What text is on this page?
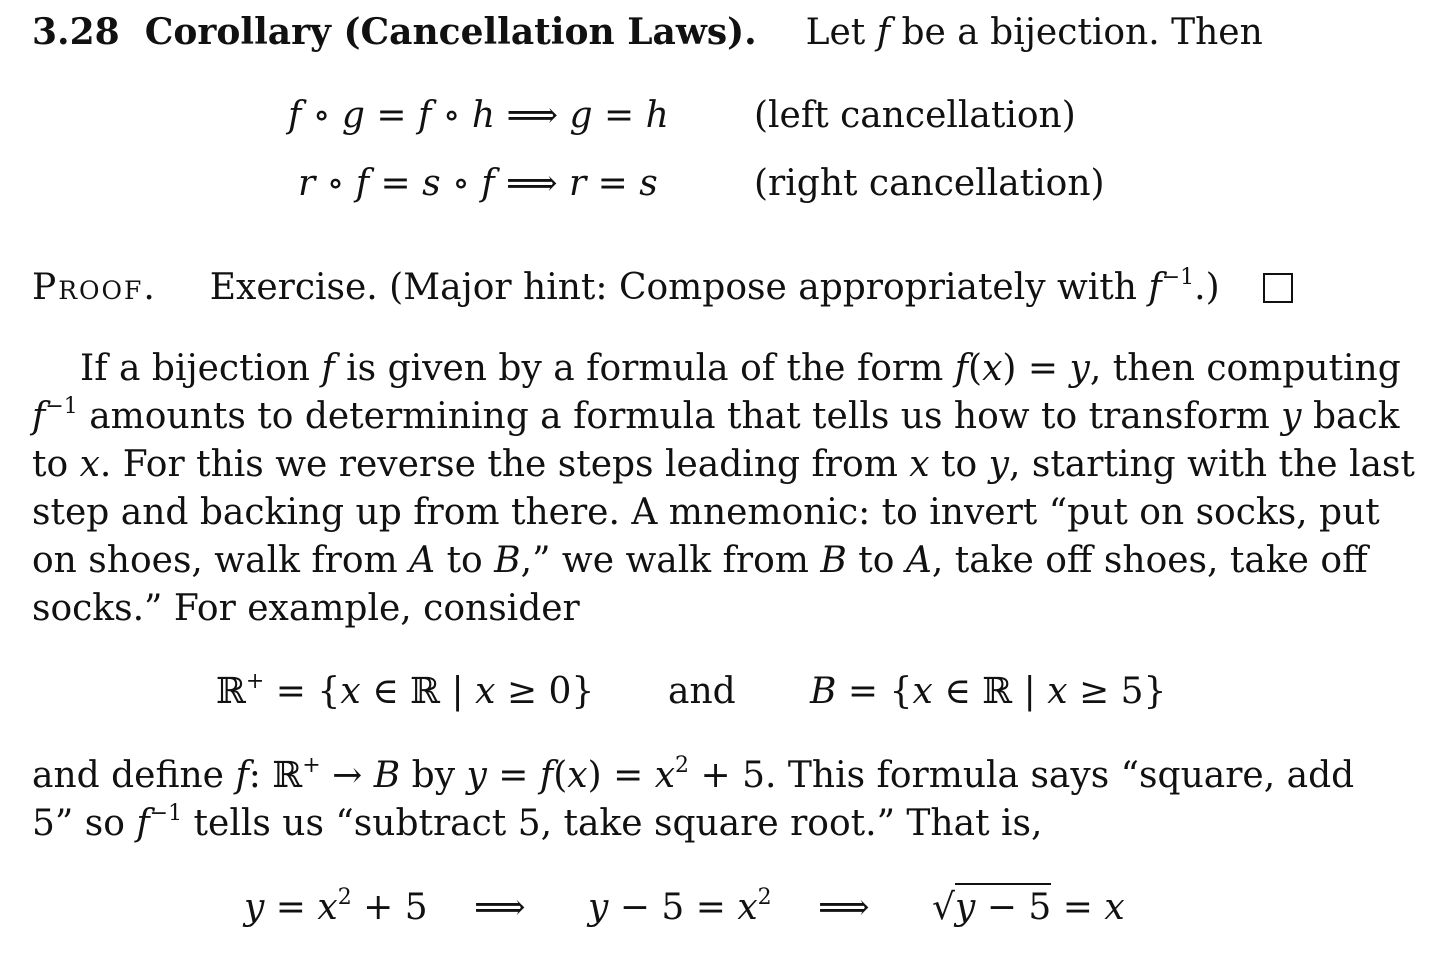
3.28  Corollary (Cancellation Laws). Let f be a bijection. Then
f ∘ g = f ∘ h ⟹ g = h (left cancellation)
r ∘ f = s ∘ f ⟹ r = s	(right cancellation)
Proof. Exercise. (Major hint: Compose appropriately with $f^{-1}$.)
If a bijection f is given by a formula of the form f(x) = y, then computing
$f^{-1}$ amounts to determining a formula that tells us how to transform y back
to x. For this we reverse the steps leading from x to y, starting with the last
step and backing up from there. A mnemonic: to invert “put on socks, put
on shoes, walk from A to B,” we walk from B to A, take off shoes, take off
socks.” For example, consider
ℝ+ = {x ∈ ℝ | x ≥ 0} and B = {x ∈ ℝ | x ≥ 5}
and define f: ℝ+ → B by $y = f(x) = x^2 + 5$. This formula says “square, add
5” so $f^{-1}$ tells us “subtract 5, take square root.” That is,
$y = x^2 + 5$ ⟹ $y - 5 = x^2$ ⟹ √y − 5 = x
